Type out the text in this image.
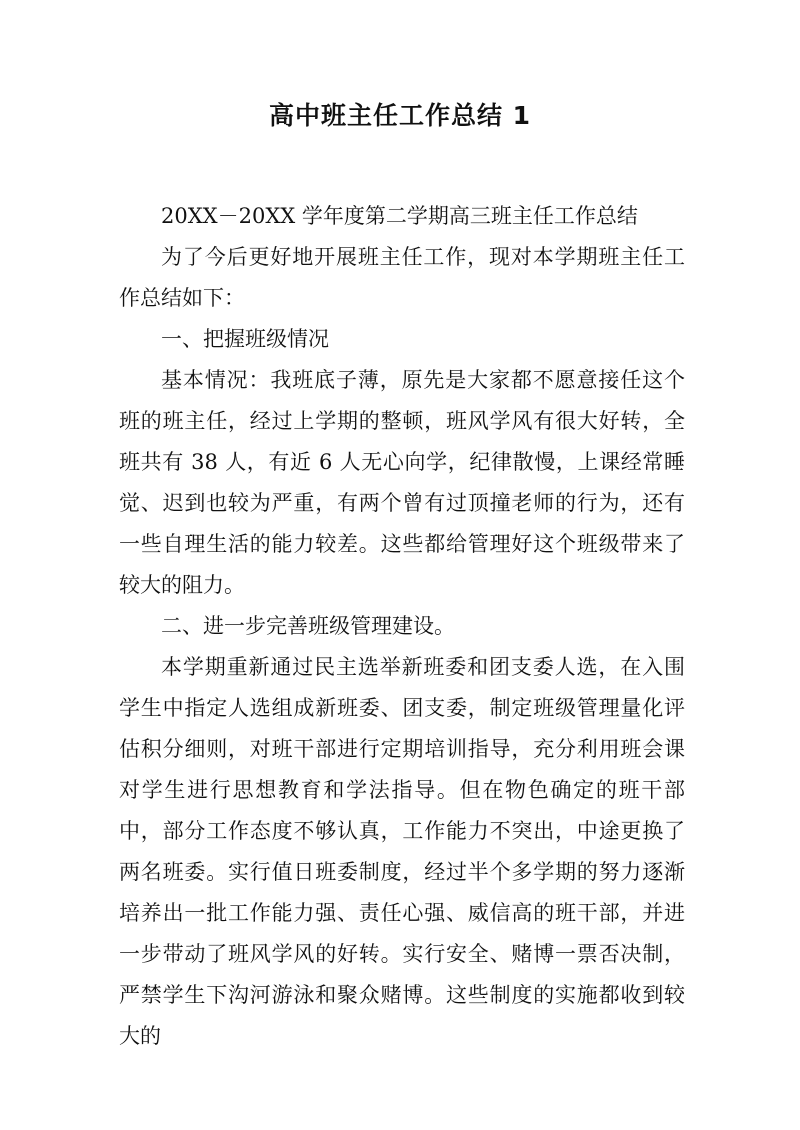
高中班主任工作总结 1

20XX－20XX 学年度第二学期高三班主任工作总结

为了今后更好地开展班主任工作，现对本学期班主任工作总结如下：

一、把握班级情况

基本情况：我班底子薄，原先是大家都不愿意接任这个班的班主任，经过上学期的整顿，班风学风有很大好转，全班共有 38 人，有近 6 人无心向学，纪律散慢，上课经常睡觉、迟到也较为严重，有两个曾有过顶撞老师的行为，还有一些自理生活的能力较差。这些都给管理好这个班级带来了较大的阻力。

二、进一步完善班级管理建设。

本学期重新通过民主选举新班委和团支委人选，在入围学生中指定人选组成新班委、团支委，制定班级管理量化评估积分细则，对班干部进行定期培训指导，充分利用班会课对学生进行思想教育和学法指导。但在物色确定的班干部中，部分工作态度不够认真，工作能力不突出，中途更换了两名班委。实行值日班委制度，经过半个多学期的努力逐渐培养出一批工作能力强、责任心强、威信高的班干部，并进一步带动了班风学风的好转。实行安全、赌博一票否决制，严禁学生下沟河游泳和聚众赌博。这些制度的实施都收到较大的
